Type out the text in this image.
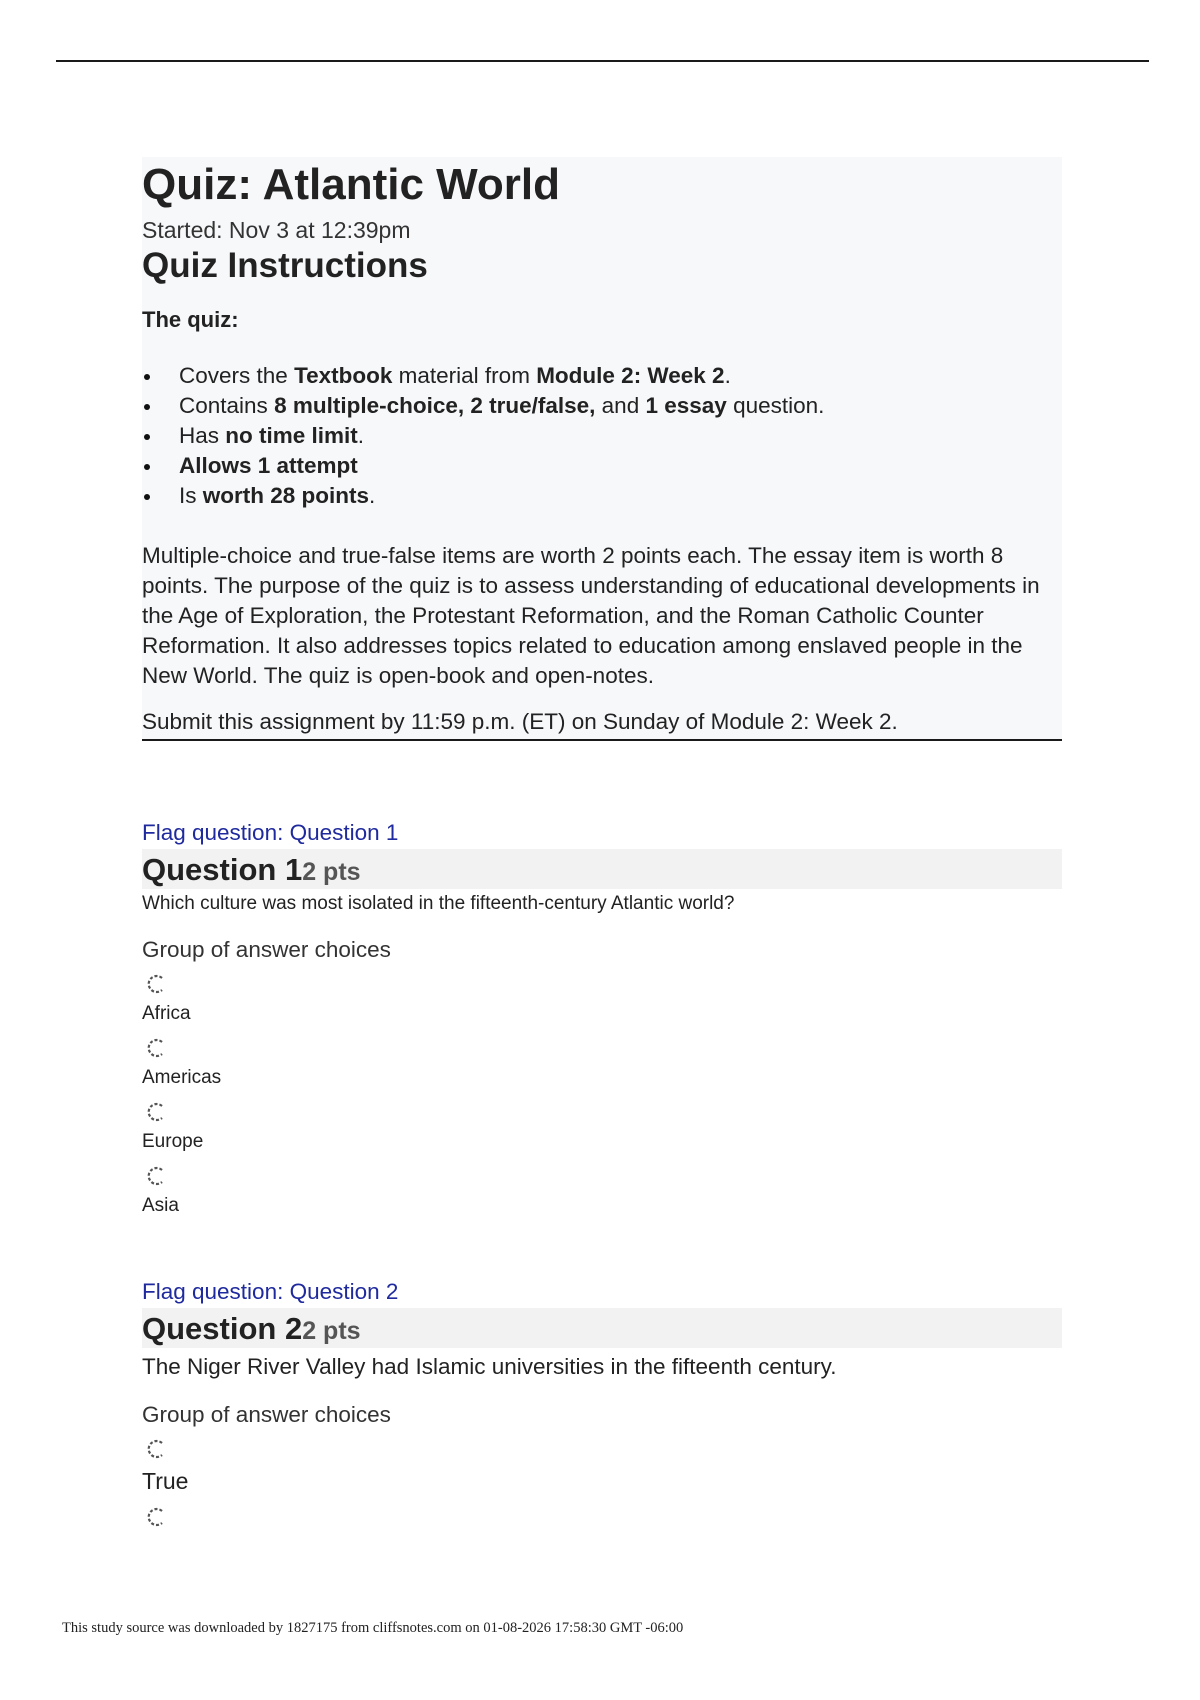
Quiz: Atlantic World
Started: Nov 3 at 12:39pm
Quiz Instructions
The quiz:
Covers the Textbook material from Module 2: Week 2.
Contains 8 multiple-choice, 2 true/false, and 1 essay question.
Has no time limit.
Allows 1 attempt
Is worth 28 points.
Multiple-choice and true-false items are worth 2 points each. The essay item is worth 8 points. The purpose of the quiz is to assess understanding of educational developments in the Age of Exploration, the Protestant Reformation, and the Roman Catholic Counter Reformation. It also addresses topics related to education among enslaved people in the New World. The quiz is open-book and open-notes.
Submit this assignment by 11:59 p.m. (ET) on Sunday of Module 2: Week 2.
Flag question: Question 1
Question 12 pts
Which culture was most isolated in the fifteenth-century Atlantic world?
Group of answer choices
Africa
Americas
Europe
Asia
Flag question: Question 2
Question 22 pts
The Niger River Valley had Islamic universities in the fifteenth century.
Group of answer choices
True
This study source was downloaded by 1827175 from cliffsnotes.com on 01-08-2026 17:58:30 GMT -06:00
